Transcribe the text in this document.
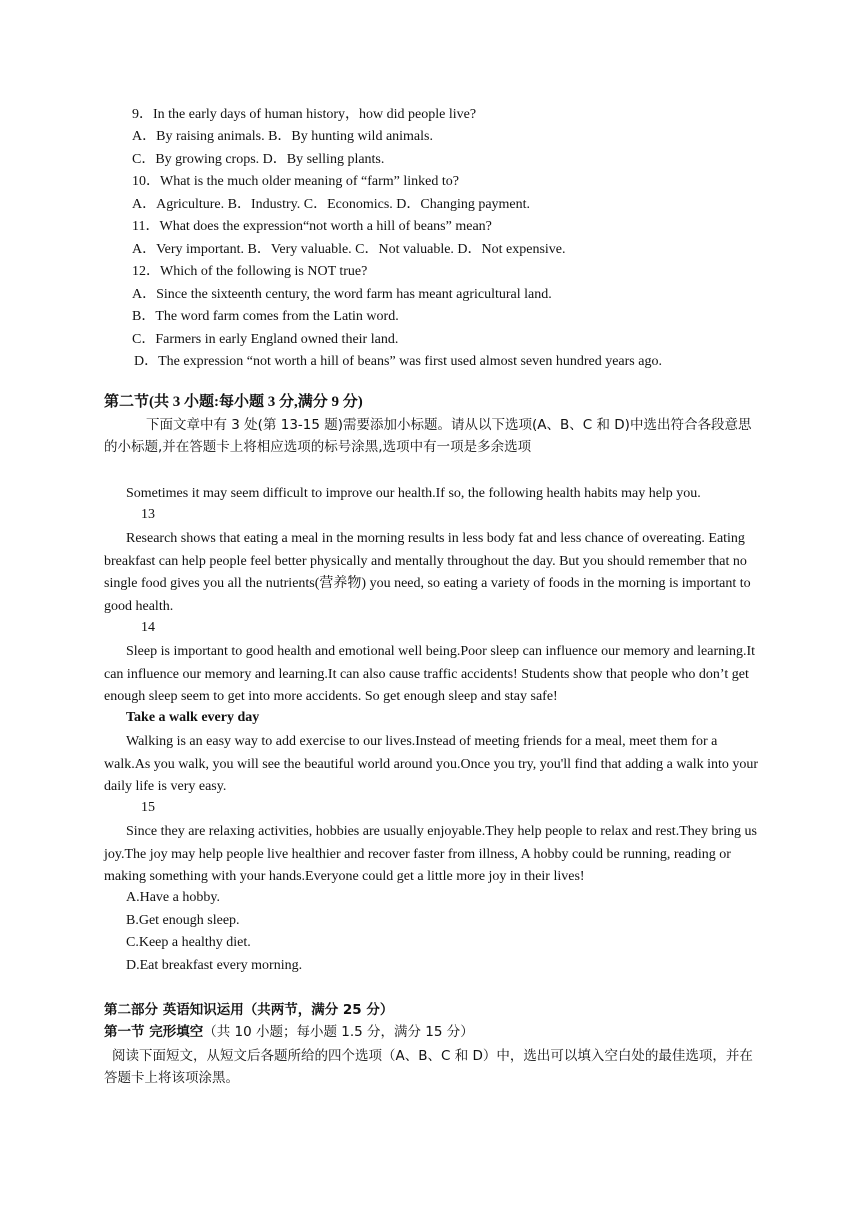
9．In the early days of human history，how did people live?
A．By raising animals. B．By hunting wild animals.
C．By growing crops. D．By selling plants.
10．What is the much older meaning of “farm” linked to?
A．Agriculture. B．Industry. C．Economics. D．Changing payment.
11．What does the expression“not worth a hill of beans” mean?
A．Very important. B．Very valuable. C．Not valuable. D．Not expensive.
12．Which of the following is NOT true?
A．Since the sixteenth century, the word farm has meant agricultural land.
B．The word farm comes from the Latin word.
C．Farmers in early England owned their land.
D．The expression “not worth a hill of beans” was first used almost seven hundred years ago.
第二节(共 3 小题:每小题 3 分,满分 9 分)
下面文章中有 3 处(第 13-15 题)需要添加小标题。请从以下选项(A、B、C 和 D)中选出符合各段意思的小标题,并在答题卡上将相应选项的标号涂黑,选项中有一项是多余选项
Sometimes it may seem difficult to improve our health.If so, the following health habits may help you.
13
Research shows that eating a meal in the morning results in less body fat and less chance of overeating. Eating breakfast can help people feel better physically and mentally throughout the day. But you should remember that no single food gives you all the nutrients(营养物) you need, so eating a variety of foods in the morning is important to good health.
14
Sleep is important to good health and emotional well being.Poor sleep can influence our memory and learning.It can influence our memory and learning.It can also cause traffic accidents! Students show that people who don’t get enough sleep seem to get into more accidents. So get enough sleep and stay safe!
Take a walk every day
Walking is an easy way to add exercise to our lives.Instead of meeting friends for a meal, meet them for a walk.As you walk, you will see the beautiful world around you.Once you try, you'll find that adding a walk into your daily life is very easy.
15
Since they are relaxing activities, hobbies are usually enjoyable.They help people to relax and rest.They bring us joy.The joy may help people live healthier and recover faster from illness, A hobby could be running, reading or making something with your hands.Everyone could get a little more joy in their lives!
A.Have a hobby.
B.Get enough sleep.
C.Keep a healthy diet.
D.Eat breakfast every morning.
第二部分 英语知识运用（共两节，满分 25 分）
第一节 完形填空（共 10 小题；每小题 1.5 分，满分 15 分）
阅读下面短文，从短文后各题所给的四个选项（A、B、C 和 D）中，选出可以填入空白处的最佳选项，并在答题卡上将该项涂黑。
